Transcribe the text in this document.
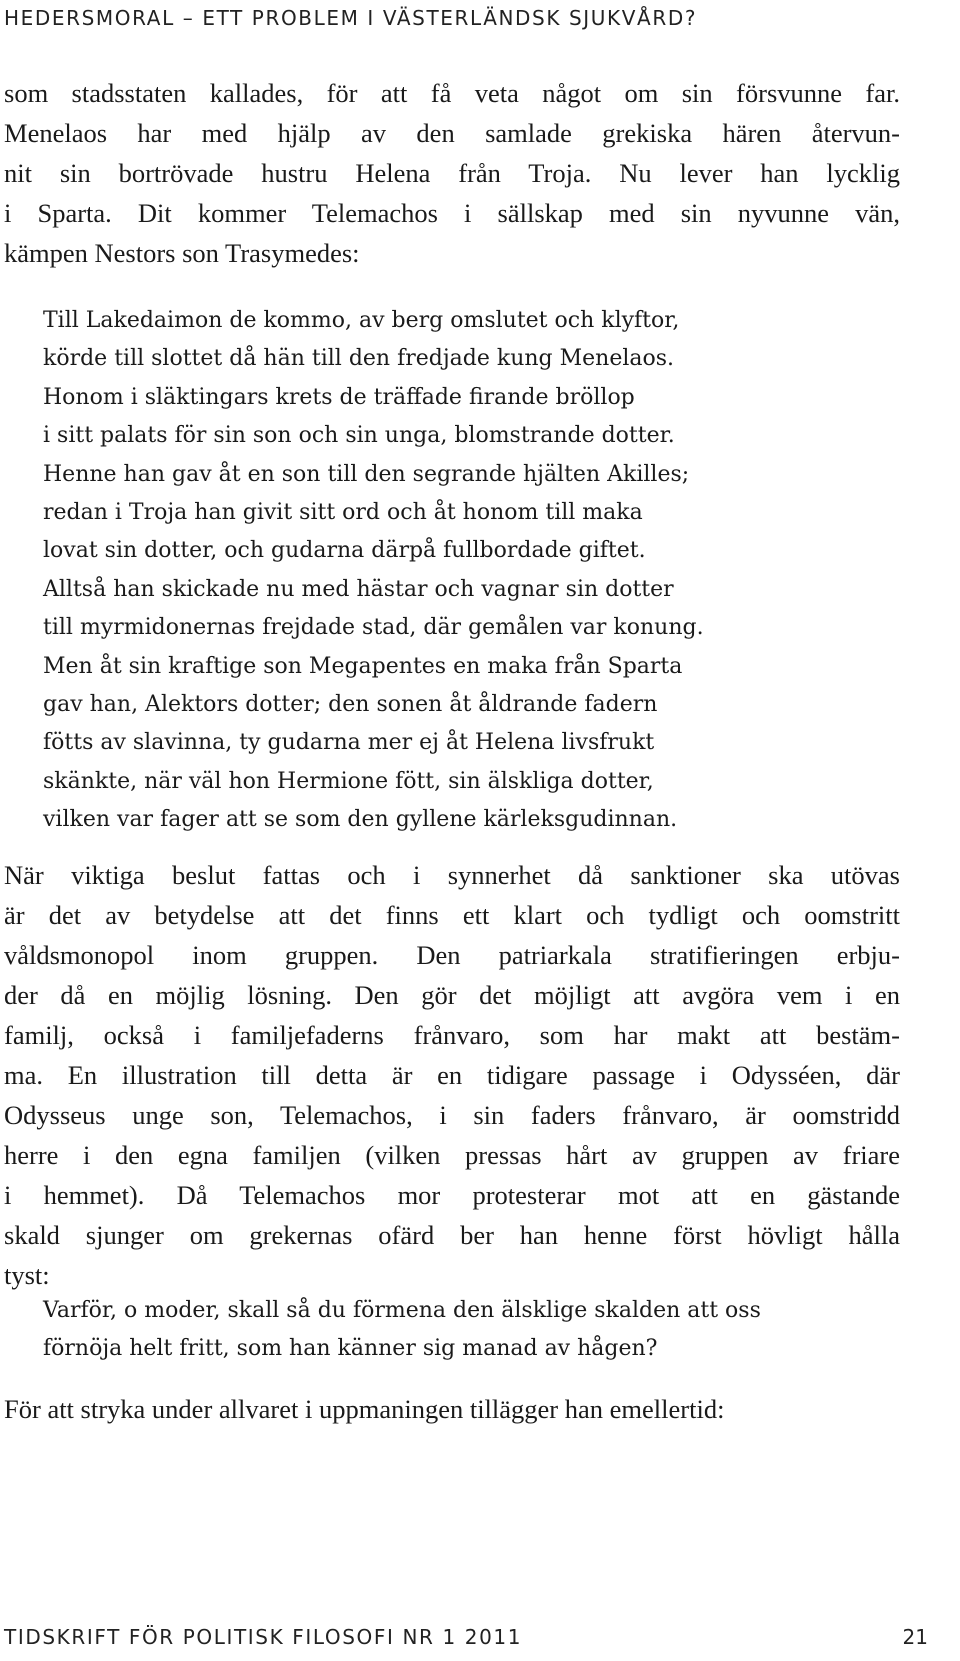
HEDERSMORAL – ETT PROBLEM I VÄSTERLÄNDSK SJUKVÅRD?
som stadsstaten kallades, för att få veta något om sin försvunne far.
Menelaos har med hjälp av den samlade grekiska hären återvun-
nit sin bortrövade hustru Helena från Troja. Nu lever han lycklig
i Sparta. Dit kommer Telemachos i sällskap med sin nyvunne vän,
kämpen Nestors son Trasymedes:
Till Lakedaimon de kommo, av berg omslutet och klyftor,
körde till slottet då hän till den fredjade kung Menelaos.
Honom i släktingars krets de träffade firande bröllop
i sitt palats för sin son och sin unga, blomstrande dotter.
Henne han gav åt en son till den segrande hjälten Akilles;
redan i Troja han givit sitt ord och åt honom till maka
lovat sin dotter, och gudarna därpå fullbordade giftet.
Alltså han skickade nu med hästar och vagnar sin dotter
till myrmidonernas frejdade stad, där gemålen var konung.
Men åt sin kraftige son Megapentes en maka från Sparta
gav han, Alektors dotter; den sonen åt åldrande fadern
fötts av slavinna, ty gudarna mer ej åt Helena livsfrukt
skänkte, när väl hon Hermione fött, sin älskliga dotter,
vilken var fager att se som den gyllene kärleksgudinnan.
När viktiga beslut fattas och i synnerhet då sanktioner ska utövas
är det av betydelse att det finns ett klart och tydligt och oomstritt
våldsmonopol inom gruppen. Den patriarkala stratifieringen erbju-
der då en möjlig lösning. Den gör det möjligt att avgöra vem i en
familj, också i familjefaderns frånvaro, som har makt att bestäm-
ma. En illustration till detta är en tidigare passage i Odysséen, där
Odysseus unge son, Telemachos, i sin faders frånvaro, är oomstridd
herre i den egna familjen (vilken pressas hårt av gruppen av friare
i hemmet). Då Telemachos mor protesterar mot att en gästande
skald sjunger om grekernas ofärd ber han henne först hövligt hålla
tyst:
Varför, o moder, skall så du förmena den älsklige skalden att oss
förnöja helt fritt, som han känner sig manad av hågen?
För att stryka under allvaret i uppmaningen tillägger han emellertid:
TIDSKRIFT FÖR POLITISK FILOSOFI NR 1 2011	21
